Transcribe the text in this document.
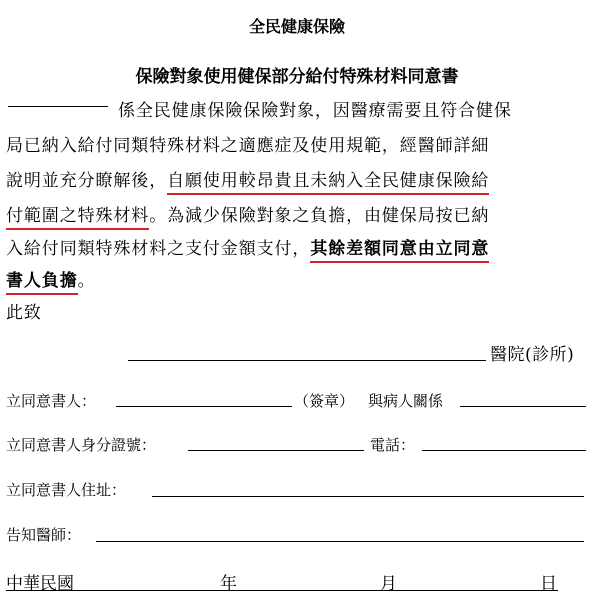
全民健康保險
保險對象使用健保部分給付特殊材料同意書
係全民健康保險保險對象，因醫療需要且符合健保
局已納入給付同類特殊材料之適應症及使用規範，經醫師詳細
說明並充分瞭解後，自願使用較昂貴且未納入全民健康保險給
付範圍之特殊材料。為減少保險對象之負擔，由健保局按已納
入給付同類特殊材料之支付金額支付，其餘差額同意由立同意
書人負擔。
此致
醫院(診所)
立同意書人：	（簽章） 與病人關係
立同意書人身分證號：	電話：
立同意書人住址：
告知醫師：
中華民國	年	月	日
